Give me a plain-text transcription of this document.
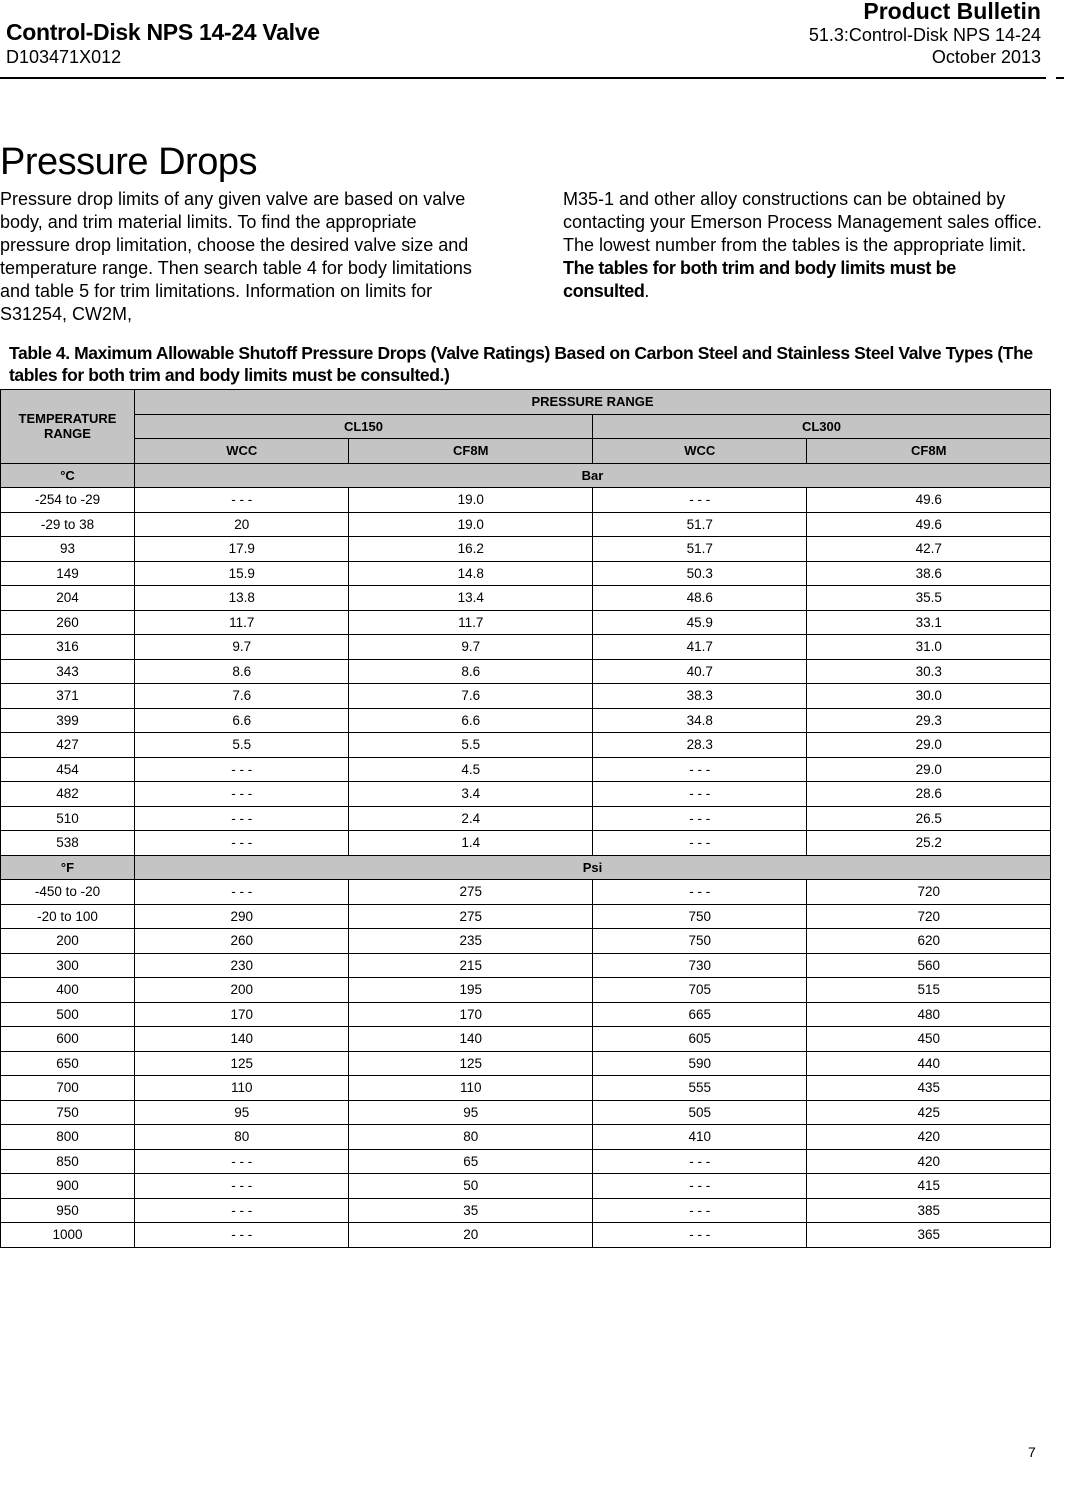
Control-Disk NPS 14-24 Valve
D103471X012
Product Bulletin
51.3:Control-Disk NPS 14-24
October 2013
Pressure Drops
Pressure drop limits of any given valve are based on valve body, and trim material limits. To find the appropriate pressure drop limitation, choose the desired valve size and temperature range. Then search table 4 for body limitations and table 5 for trim limitations. Information on limits for S31254, CW2M,
M35-1 and other alloy constructions can be obtained by contacting your Emerson Process Management sales office. The lowest number from the tables is the appropriate limit. The tables for both trim and body limits must be consulted.
Table 4. Maximum Allowable Shutoff Pressure Drops (Valve Ratings) Based on Carbon Steel and Stainless Steel Valve Types (The tables for both trim and body limits must be consulted.)
TEMPERATURE RANGE	PRESSURE RANGE			
	CL150		CL300	
	WCC	CF8M	WCC	CF8M
°C	Bar			
-254 to -29	- - -	19.0	- - -	49.6
-29 to 38	20	19.0	51.7	49.6
93	17.9	16.2	51.7	42.7
149	15.9	14.8	50.3	38.6
204	13.8	13.4	48.6	35.5
260	11.7	11.7	45.9	33.1
316	9.7	9.7	41.7	31.0
343	8.6	8.6	40.7	30.3
371	7.6	7.6	38.3	30.0
399	6.6	6.6	34.8	29.3
427	5.5	5.5	28.3	29.0
454	- - -	4.5	- - -	29.0
482	- - -	3.4	- - -	28.6
510	- - -	2.4	- - -	26.5
538	- - -	1.4	- - -	25.2
°F	Psi			
-450 to -20	- - -	275	- - -	720
-20 to 100	290	275	750	720
200	260	235	750	620
300	230	215	730	560
400	200	195	705	515
500	170	170	665	480
600	140	140	605	450
650	125	125	590	440
700	110	110	555	435
750	95	95	505	425
800	80	80	410	420
850	- - -	65	- - -	420
900	- - -	50	- - -	415
950	- - -	35	- - -	385
1000	- - -	20	- - -	365
7
